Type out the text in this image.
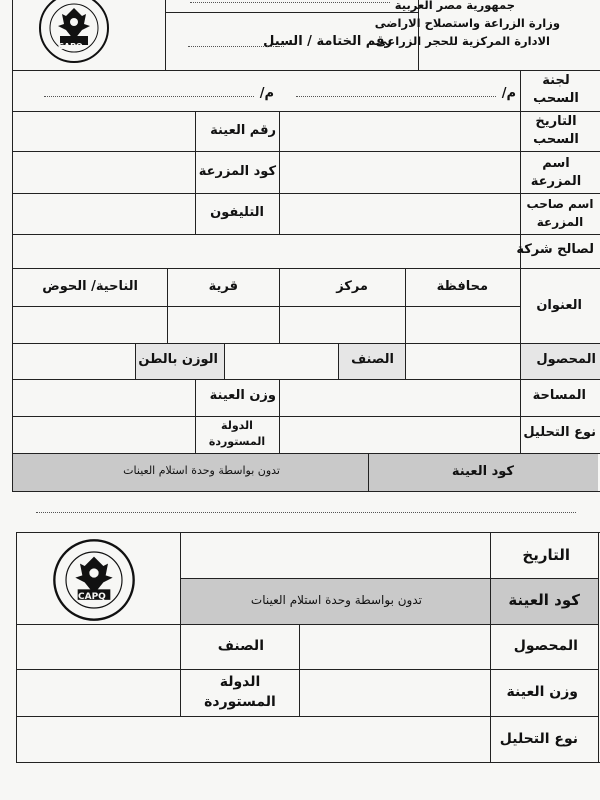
CAPQ
جمهورية مصر العربية
وزارة الزراعة واستصلاح الاراضى
الادارة المركزية للحجر الزراعى
رقم الختامة / السيل
لجنة السحب
التاريخ السحب
اسم المزرعة
اسم صاحب المزرعة
لصالح شركة
العنوان
المحصول
المساحة
نوع التحليل
كود العينة
تدون بواسطة وحدة استلام العينات
م/
م/
رقم العينة
كود المزرعة
التليفون
محافظة
مركز
قرية
الناحية/ الحوض
الصنف
الوزن بالطن
وزن العينة
الدولة المستوردة
CAPQ
التاريخ
كود العينة
تدون بواسطة وحدة استلام العينات
المحصول
الصنف
وزن العينة
الدولة المستوردة
نوع التحليل
